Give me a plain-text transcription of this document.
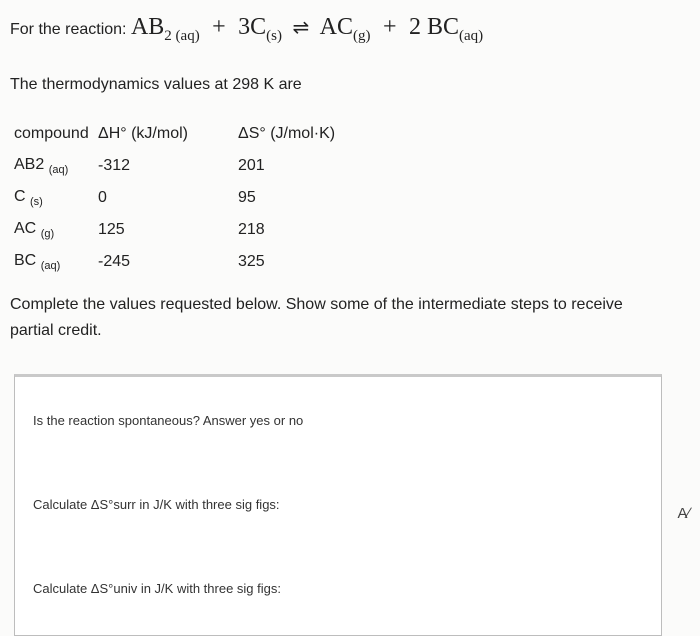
For the reaction: $AB_{2 (aq)} + 3C_{(s)}$ ⇌ $AC_{(g)} + 2$ $BC_{(aq)}$
The thermodynamics values at 298 K are
compound	ΔH° (kJ/mol)	ΔS° (J/mol·K)
AB2 $_{(aq)}$	-312	201
C $_{(s)}$	0	95
AC $_{(g)}$	125	218
BC $_{(aq)}$	-245	325
Complete the values requested below. Show some of the intermediate steps to receive partial credit.
Is the reaction spontaneous? Answer yes or no
Calculate ΔS°surr in J/K with three sig figs:
Calculate ΔS°univ in J/K with three sig figs:
A∕
